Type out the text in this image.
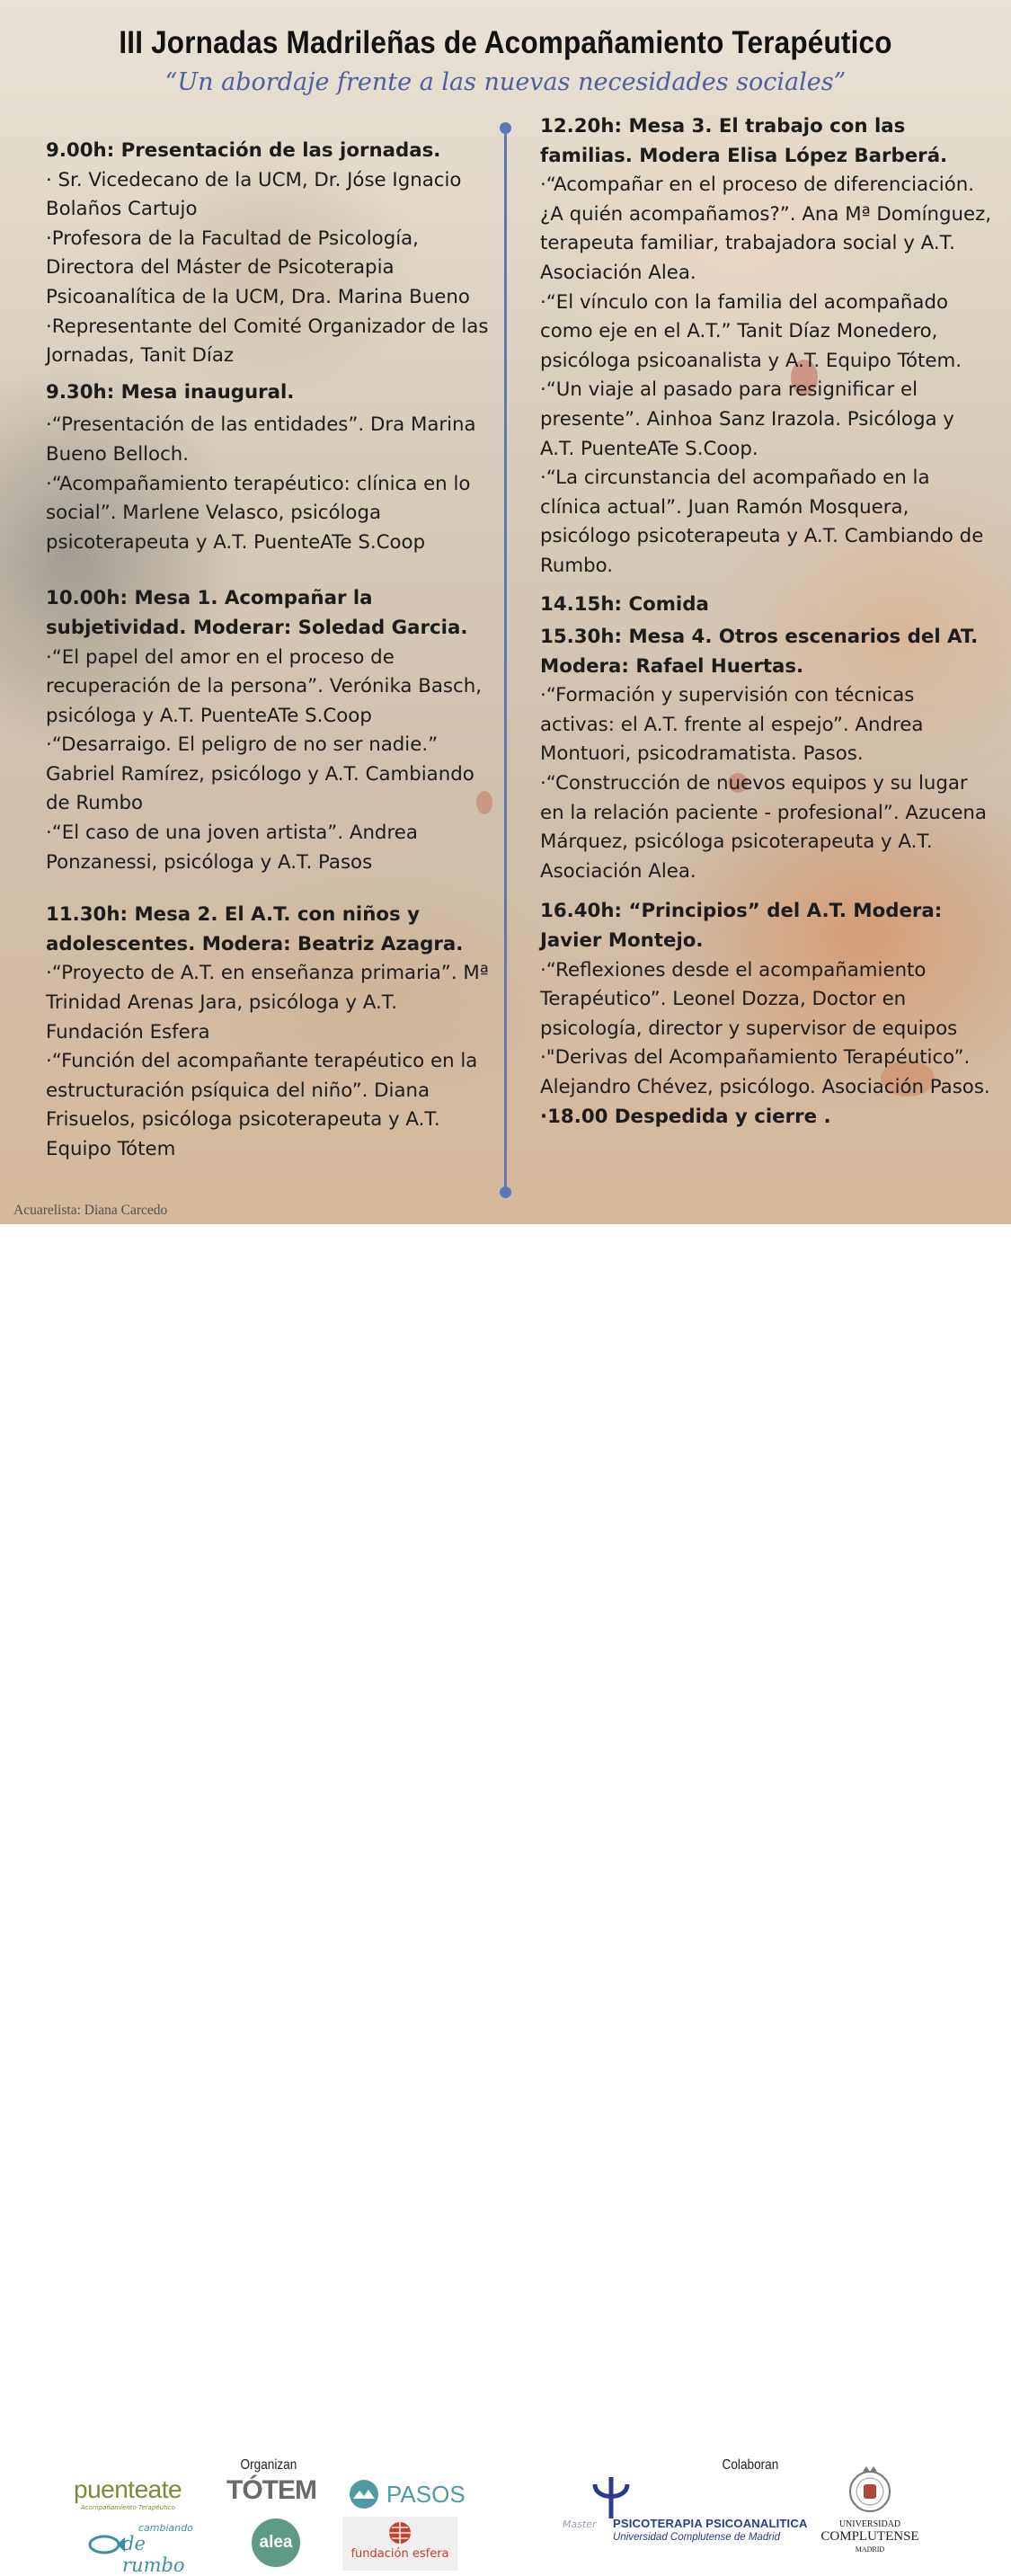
III Jornadas Madrileñas de Acompañamiento Terapéutico

“Un abordaje frente a las nuevas necesidades sociales”

9.00h: Presentación de las jornadas.

· Sr. Vicedecano de la UCM, Dr. Jóse Ignacio Bolaños Cartujo

·Profesora de la Facultad de Psicología, Directora del Máster de Psicoterapia Psicoanalítica de la UCM, Dra. Marina Bueno

·Representante del Comité Organizador de las Jornadas, Tanit Díaz

9.30h: Mesa inaugural.

·“Presentación de las entidades”. Dra Marina Bueno Belloch.

·“Acompañamiento terapéutico: clínica en lo social”. Marlene Velasco, psicóloga psicoterapeuta y A.T. PuenteATe S.Coop

10.00h: Mesa 1. Acompañar la subjetividad. Moderar: Soledad Garcia.

·“El papel del amor en el proceso de recuperación de la persona”. Verónika Basch, psicóloga y A.T. PuenteATe S.Coop

·“Desarraigo. El peligro de no ser nadie.” Gabriel Ramírez, psicólogo y A.T. Cambiando de Rumbo

·“El caso de una joven artista”. Andrea Ponzanessi, psicóloga y A.T. Pasos

11.30h: Mesa 2. El A.T. con niños y adolescentes. Modera: Beatriz Azagra.

·“Proyecto de A.T. en enseñanza primaria”. Mª Trinidad Arenas Jara, psicóloga y A.T. Fundación Esfera

·“Función del acompañante terapéutico en la estructuración psíquica del niño”. Diana Frisuelos, psicóloga psicoterapeuta y A.T. Equipo Tótem

12.20h: Mesa 3. El trabajo con las familias. Modera Elisa López Barberá.

·“Acompañar en el proceso de diferenciación. ¿A quién acompañamos?”. Ana Mª Domínguez, terapeuta familiar, trabajadora social y A.T. Asociación Alea.

·“El vínculo con la familia del acompañado como eje en el A.T.” Tanit Díaz Monedero, psicóloga psicoanalista y A.T. Equipo Tótem.

·“Un viaje al pasado para resignificar el presente”. Ainhoa Sanz Irazola. Psicóloga y A.T. PuenteATe S.Coop.

·“La circunstancia del acompañado en la clínica actual”. Juan Ramón Mosquera, psicólogo psicoterapeuta y A.T. Cambiando de Rumbo.

14.15h: Comida

15.30h: Mesa 4. Otros escenarios del AT. Modera: Rafael Huertas.

·“Formación y supervisión con técnicas activas: el A.T. frente al espejo”. Andrea Montuori, psicodramatista. Pasos.

·“Construcción de nuevos equipos y su lugar en la relación paciente - profesional”. Azucena Márquez, psicóloga psicoterapeuta y A.T. Asociación Alea.

16.40h: “Principios” del A.T. Modera: Javier Montejo.

·“Reflexiones desde el acompañamiento Terapéutico”. Leonel Dozza, Doctor en psicología, director y supervisor de equipos

·"Derivas del Acompañamiento Terapéutico”. Alejandro Chévez, psicólogo. Asociación Pasos.

·18.00 Despedida y cierre .

Acuarelista: Diana Carcedo
Organizan	Colaboran
puenteate
Acompañamiento Terapéutico
TÓTEM	PASOS
cambiando
de rumbo
alea
fundación esfera
Master PSICOTERAPIA PSICOANALITICA
Universidad Complutense de Madrid
UNIVERSIDAD
COMPLUTENSE
MADRID
